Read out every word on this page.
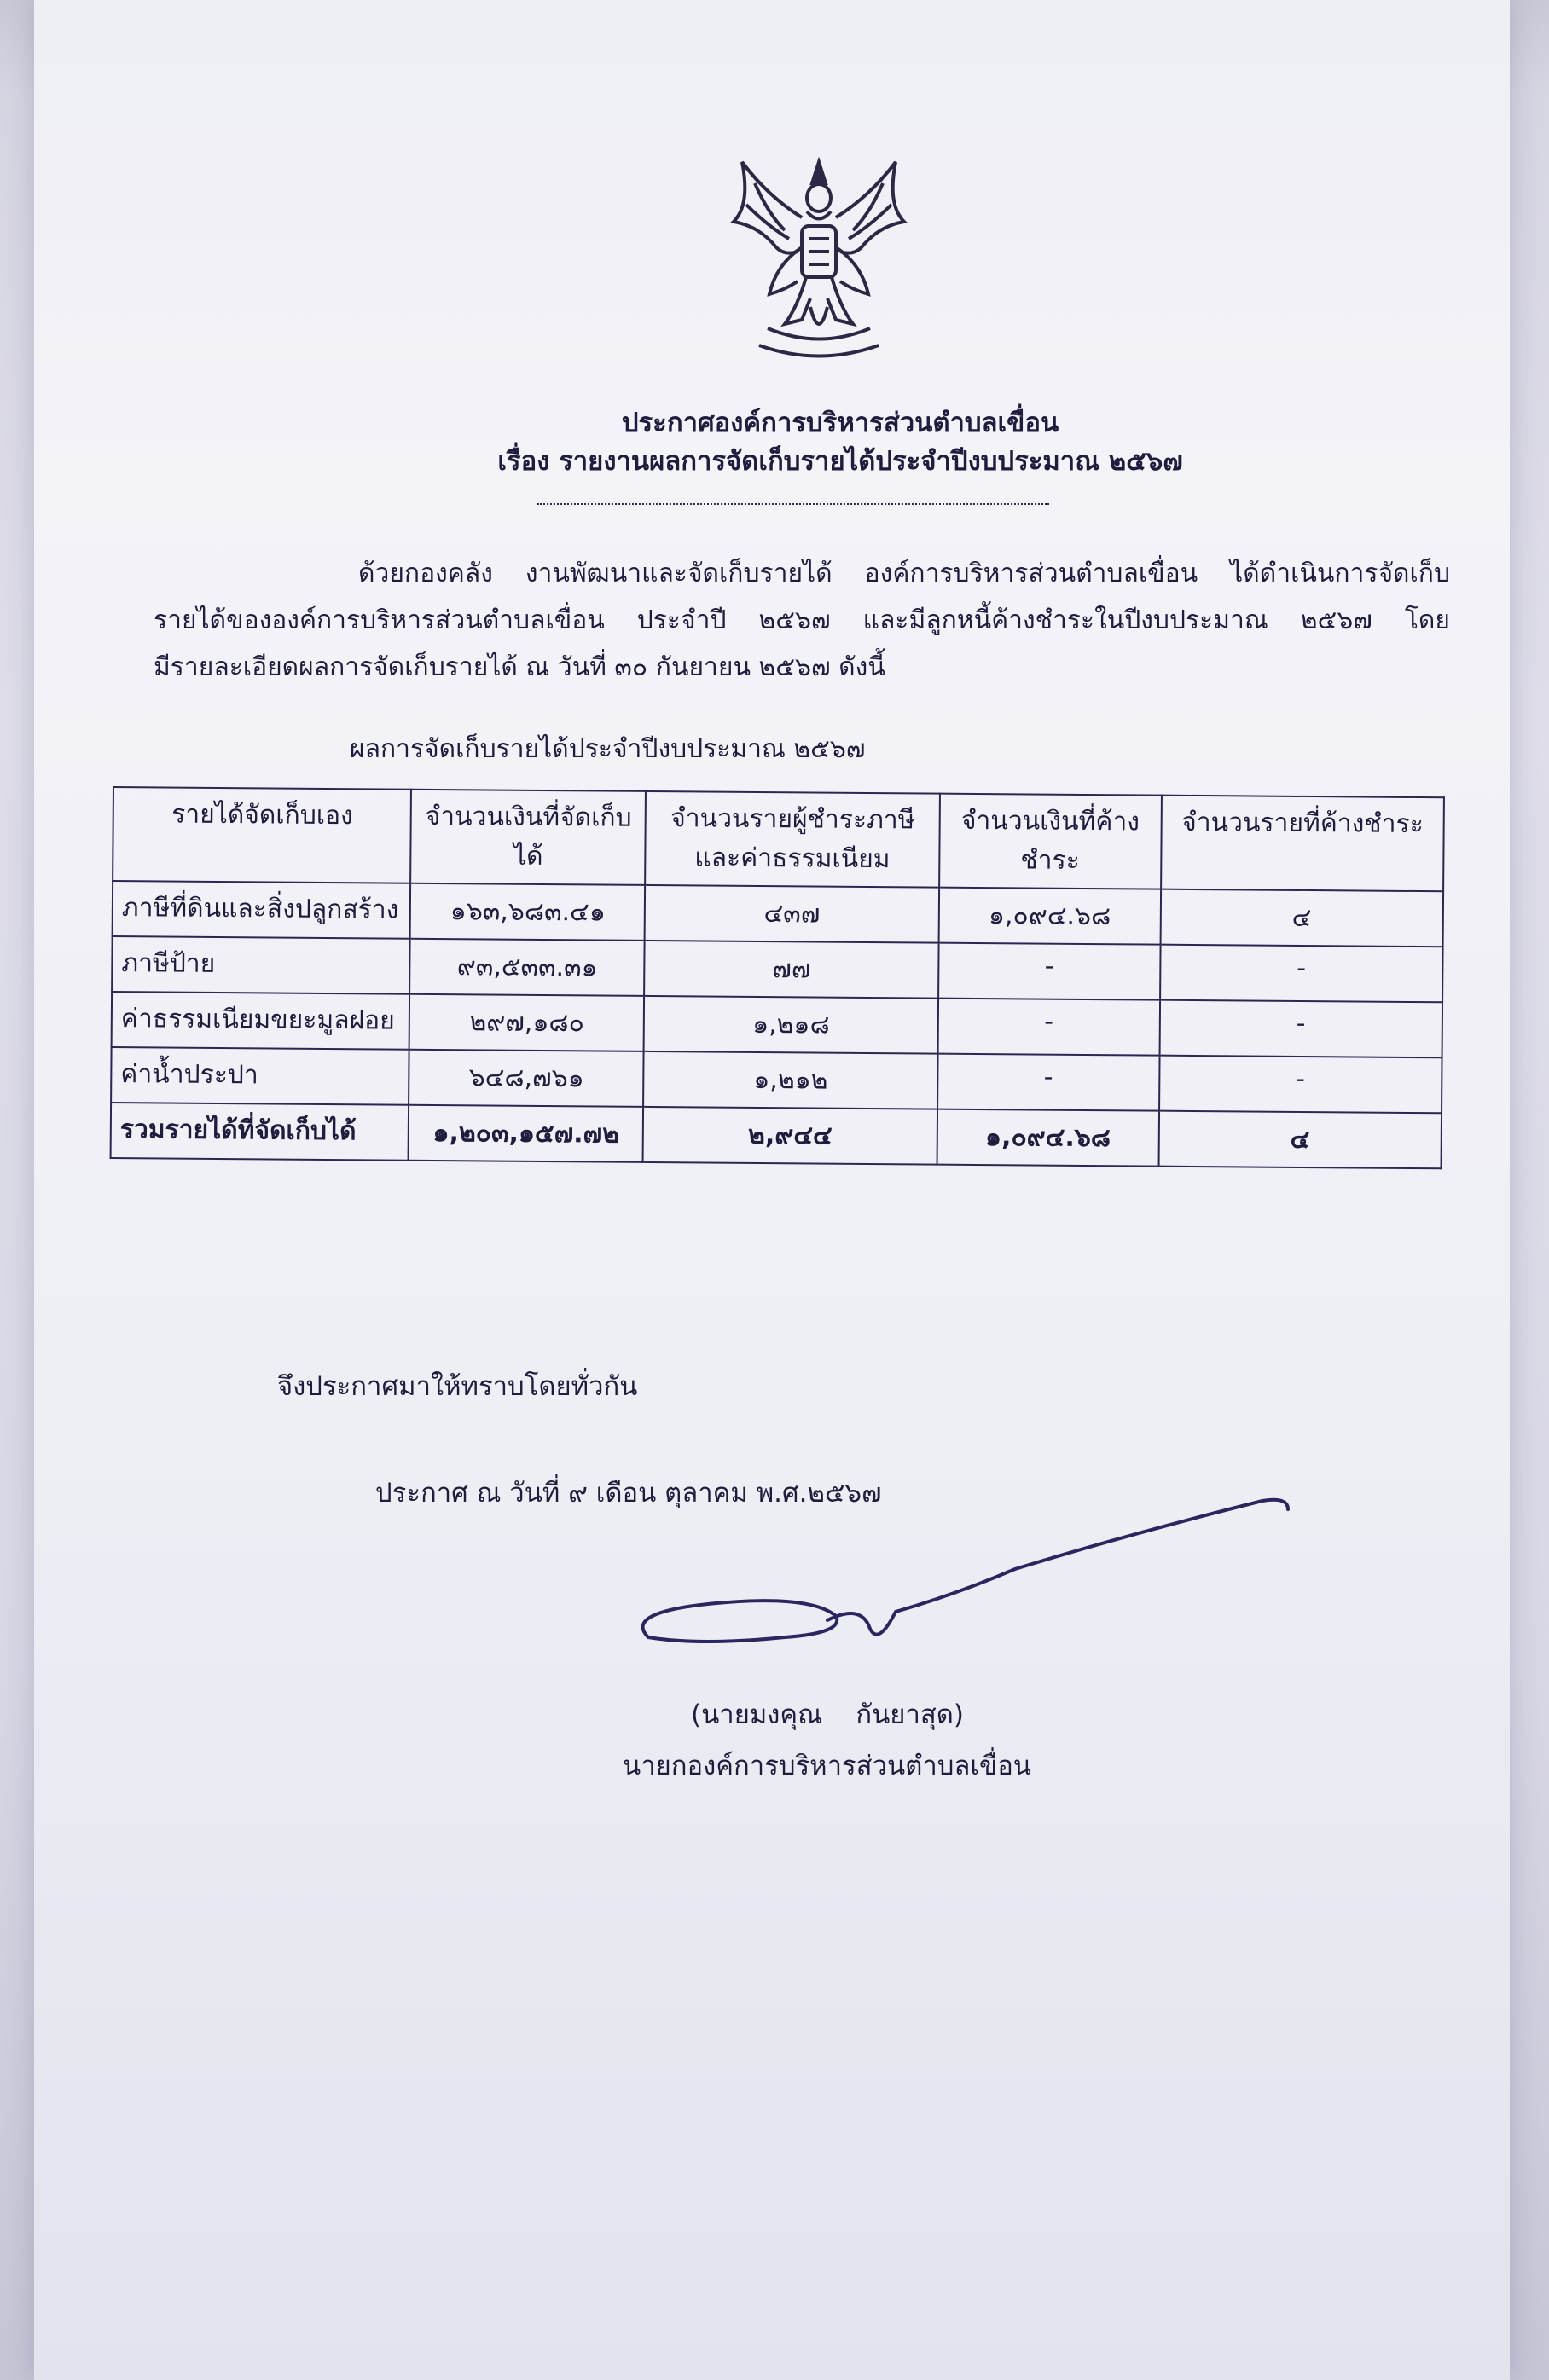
ประกาศองค์การบริหารส่วนตำบลเขื่อน
เรื่อง รายงานผลการจัดเก็บรายได้ประจำปีงบประมาณ ๒๕๖๗
ด้วยกองคลัง งานพัฒนาและจัดเก็บรายได้ องค์การบริหารส่วนตำบลเขื่อน ได้ดำเนินการจัดเก็บ
รายได้ขององค์การบริหารส่วนตำบลเขื่อน ประจำปี ๒๕๖๗ และมีลูกหนี้ค้างชำระในปีงบประมาณ ๒๕๖๗ โดย
มีรายละเอียดผลการจัดเก็บรายได้ ณ วันที่ ๓๐ กันยายน ๒๕๖๗ ดังนี้
ผลการจัดเก็บรายได้ประจำปีงบประมาณ ๒๕๖๗
รายได้จัดเก็บเอง	จำนวนเงินที่จัดเก็บได้	จำนวนรายผู้ชำระภาษีและค่าธรรมเนียม	จำนวนเงินที่ค้างชำระ	จำนวนรายที่ค้างชำระ
ภาษีที่ดินและสิ่งปลูกสร้าง	๑๖๓,๖๘๓.๔๑	๔๓๗	๑,๐๙๔.๖๘	๔
ภาษีป้าย	๙๓,๕๓๓.๓๑	๗๗	-	-
ค่าธรรมเนียมขยะมูลฝอย	๒๙๗,๑๘๐	๑,๒๑๘	-	-
ค่าน้ำประปา	๖๔๘,๗๖๑	๑,๒๑๒	-	-
รวมรายได้ที่จัดเก็บได้	๑,๒๐๓,๑๕๗.๗๒	๒,๙๔๔	๑,๐๙๔.๖๘	๔
จึงประกาศมาให้ทราบโดยทั่วกัน
ประกาศ ณ วันที่ ๙ เดือน ตุลาคม พ.ศ.๒๕๖๗
(นายมงคุณ    กันยาสุด)
นายกองค์การบริหารส่วนตำบลเขื่อน
